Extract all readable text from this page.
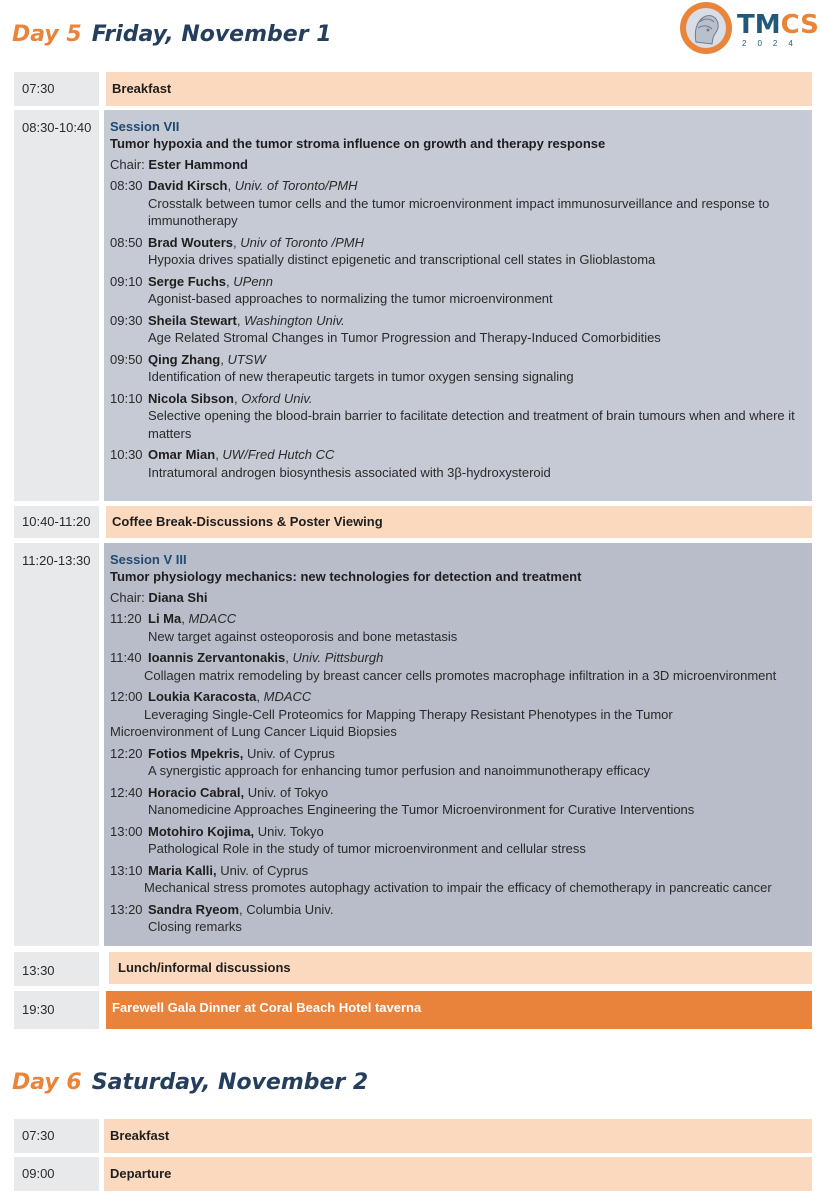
Day 5 Friday, November 1	TMCS
2024
07:30	Breakfast
08:30-10:40	Session VII
Tumor hypoxia and the tumor stroma influence on growth and therapy response
Chair: Ester Hammond
08:30 David Kirsch, Univ. of Toronto/PMH
Crosstalk between tumor cells and the tumor microenvironment impact immunosurveillance and response to immunotherapy
08:50 Brad Wouters, Univ of Toronto /PMH
Hypoxia drives spatially distinct epigenetic and transcriptional cell states in Glioblastoma
09:10 Serge Fuchs, UPenn
Agonist-based approaches to normalizing the tumor microenvironment
09:30 Sheila Stewart, Washington Univ.
Age Related Stromal Changes in Tumor Progression and Therapy-Induced Comorbidities
09:50 Qing Zhang, UTSW
Identification of new therapeutic targets in tumor oxygen sensing signaling
10:10 Nicola Sibson, Oxford Univ.
Selective opening the blood-brain barrier to facilitate detection and treatment of brain tumours when and where it matters
10:30 Omar Mian, UW/Fred Hutch CC
Intratumoral androgen biosynthesis associated with 3β-hydroxysteroid
10:40-11:20	Coffee Break-Discussions & Poster Viewing
11:20-13:30	Session V III
Tumor physiology mechanics: new technologies for detection and treatment
Chair: Diana Shi
11:20 Li Ma, MDACC
New target against osteoporosis and bone metastasis
11:40 Ioannis Zervantonakis, Univ. Pittsburgh
Collagen matrix remodeling by breast cancer cells promotes macrophage infiltration in a 3D microenvironment
12:00 Loukia Karacosta, MDACC
Leveraging Single-Cell Proteomics for Mapping Therapy Resistant Phenotypes in the Tumor
Microenvironment of Lung Cancer Liquid Biopsies
12:20 Fotios Mpekris, Univ. of Cyprus
A synergistic approach for enhancing tumor perfusion and nanoimmunotherapy efficacy
12:40 Horacio Cabral, Univ. of Tokyo
Nanomedicine Approaches Engineering the Tumor Microenvironment for Curative Interventions
13:00 Motohiro Kojima, Univ. Tokyo
Pathological Role in the study of tumor microenvironment and cellular stress
13:10 Maria Kalli, Univ. of Cyprus
Mechanical stress promotes autophagy activation to impair the efficacy of chemotherapy in pancreatic cancer
13:20 Sandra Ryeom, Columbia Univ.
Closing remarks
13:30	Lunch/informal discussions
19:30	Farewell Gala Dinner at Coral Beach Hotel taverna
Day 6 Saturday, November 2
07:30	Breakfast
09:00	Departure
